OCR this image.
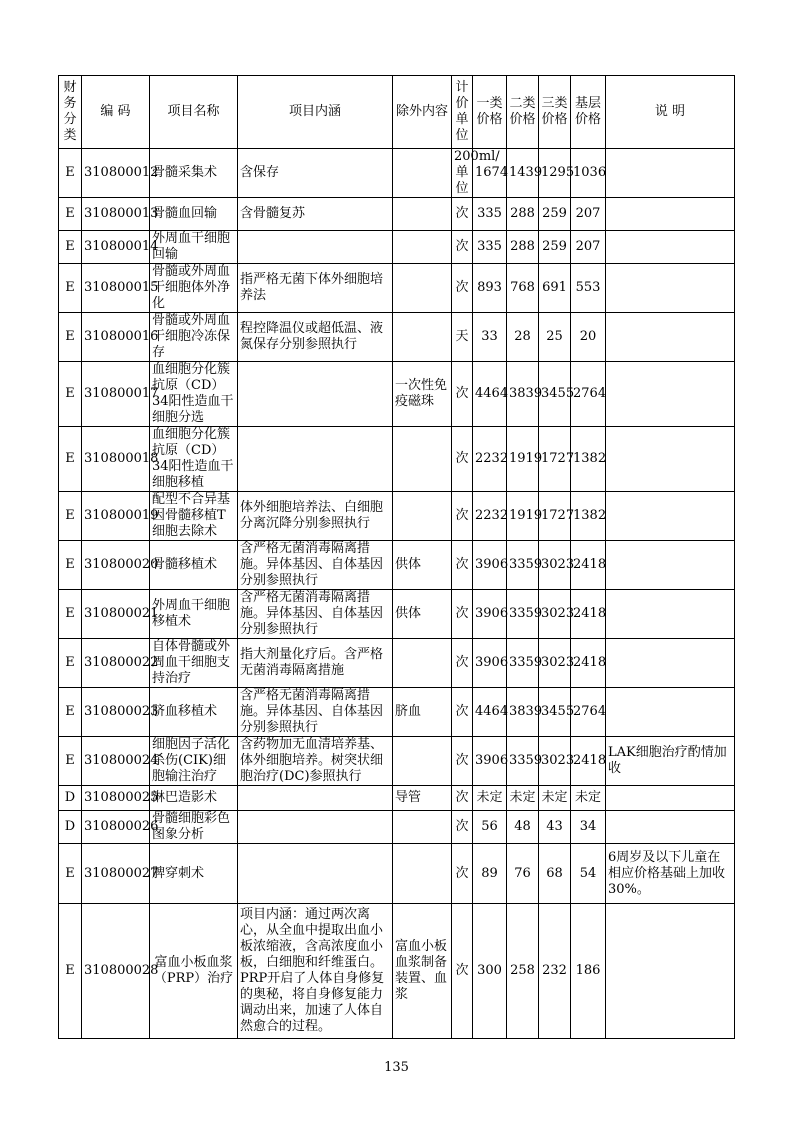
财务分类	编 码	项目名称	项目内涵	除外内容	计价单位	一类价格	二类价格	三类价格	基层价格	说 明
E	310800012	骨髓采集术	含保存		200ml/单位	1674	1439	1295	1036	
E	310800013	骨髓血回输	含骨髓复苏		次	335	288	259	207	
E	310800014	外周血干细胞回输			次	335	288	259	207	
E	310800015	骨髓或外周血干细胞体外净化	指严格无菌下体外细胞培养法		次	893	768	691	553	
E	310800016	骨髓或外周血干细胞冷冻保存	程控降温仪或超低温、液氮保存分别参照执行		天	33	28	25	20	
E	310800017	血细胞分化簇抗原（CD）34阳性造血干细胞分选		一次性免疫磁珠	次	4464	3839	3455	2764	
E	310800018	血细胞分化簇抗原（CD）34阳性造血干细胞移植			次	2232	1919	1727	1382	
E	310800019	配型不合异基因骨髓移植T细胞去除术	体外细胞培养法、白细胞分离沉降分别参照执行		次	2232	1919	1727	1382	
E	310800020	骨髓移植术	含严格无菌消毒隔离措施。异体基因、自体基因分别参照执行	供体	次	3906	3359	3023	2418	
E	310800021	外周血干细胞移植术	含严格无菌消毒隔离措施。异体基因、自体基因分别参照执行	供体	次	3906	3359	3023	2418	
E	310800022	自体骨髓或外周血干细胞支持治疗	指大剂量化疗后。含严格无菌消毒隔离措施		次	3906	3359	3023	2418	
E	310800023	脐血移植术	含严格无菌消毒隔离措施。异体基因、自体基因分别参照执行	脐血	次	4464	3839	3455	2764	
E	310800024	细胞因子活化杀伤(CIK)细胞输注治疗	含药物加无血清培养基、体外细胞培养。树突状细胞治疗(DC)参照执行		次	3906	3359	3023	2418	LAK细胞治疗酌情加收
D	310800025	淋巴造影术		导管	次	未定	未定	未定	未定	
D	310800026	骨髓细胞彩色图象分析			次	56	48	43	34	
E	310800027	脾穿刺术			次	89	76	68	54	6周岁及以下儿童在相应价格基础上加收30%。
E	310800028	富血小板血浆（PRP）治疗	项目内涵：通过两次离心，从全血中提取出血小板浓缩液，含高浓度血小板，白细胞和纤维蛋白。PRP开启了人体自身修复的奥秘，将自身修复能力调动出来，加速了人体自然愈合的过程。	富血小板血浆制备装置、血浆	次	300	258	232	186	
135
